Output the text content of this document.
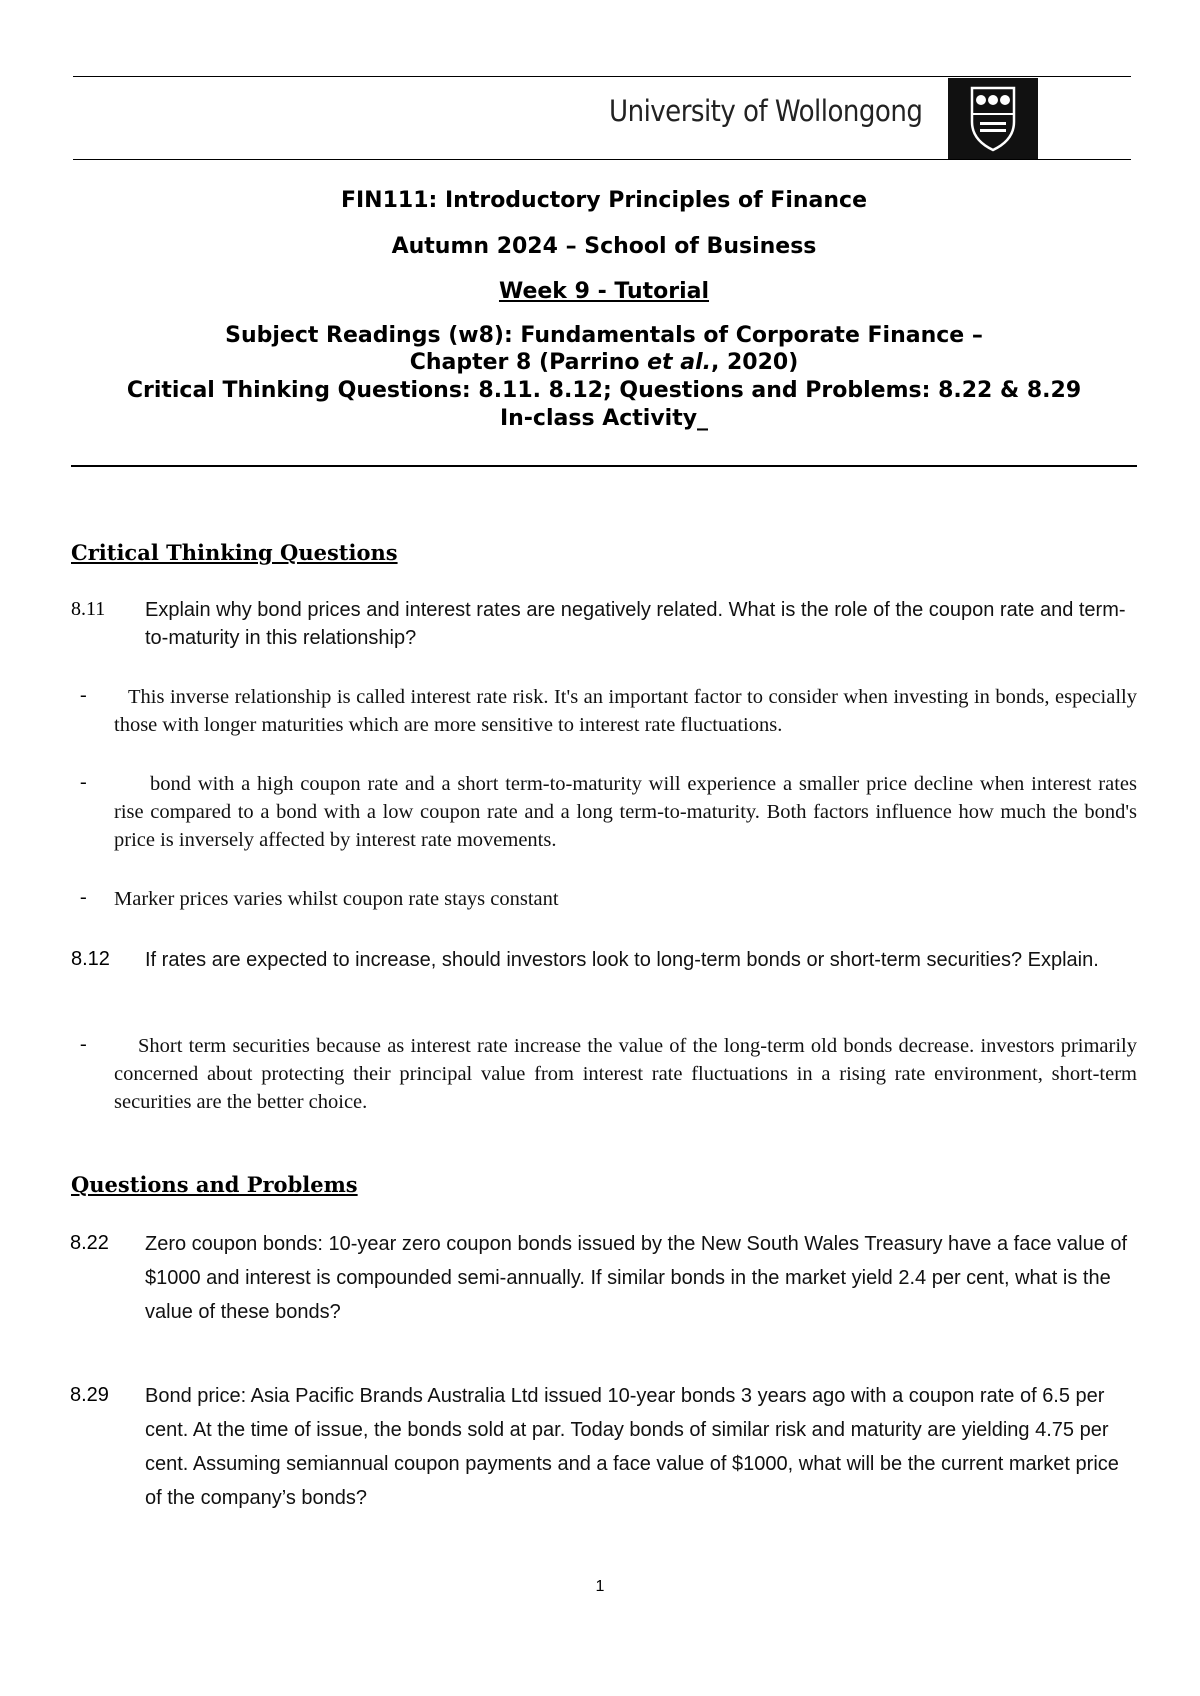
University of Wollongong
FIN111: Introductory Principles of Finance
Autumn 2024 – School of Business
Week 9 - Tutorial
Subject Readings (w8): Fundamentals of Corporate Finance –
Chapter 8 (Parrino et al., 2020)
Critical Thinking Questions: 8.11. 8.12; Questions and Problems: 8.22 & 8.29
In-class Activity_
Critical Thinking Questions
8.11 Explain why bond prices and interest rates are negatively related. What is the role of the coupon rate and term-to-maturity in this relationship?
-	This inverse relationship is called interest rate risk. It's an important factor to consider when investing in bonds, especially those with longer maturities which are more sensitive to interest rate fluctuations.
-	bond with a high coupon rate and a short term-to-maturity will experience a smaller price decline when interest rates rise compared to a bond with a low coupon rate and a long term-to-maturity. Both factors influence how much the bond's price is inversely affected by interest rate movements.
- Marker prices varies whilst coupon rate stays constant
8.12 If rates are expected to increase, should investors look to long-term bonds or short-term securities? Explain.
-	Short term securities because as interest rate increase the value of the long-term old bonds decrease. investors primarily concerned about protecting their principal value from interest rate fluctuations in a rising rate environment, short-term securities are the better choice.
Questions and Problems
8.22 Zero coupon bonds: 10-year zero coupon bonds issued by the New South Wales Treasury have a face value of $1000 and interest is compounded semi-annually. If similar bonds in the market yield 2.4 per cent, what is the value of these bonds?
8.29 Bond price: Asia Pacific Brands Australia Ltd issued 10-year bonds 3 years ago with a coupon rate of 6.5 per cent. At the time of issue, the bonds sold at par. Today bonds of similar risk and maturity are yielding 4.75 per cent. Assuming semiannual coupon payments and a face value of $1000, what will be the current market price of the company’s bonds?
1
